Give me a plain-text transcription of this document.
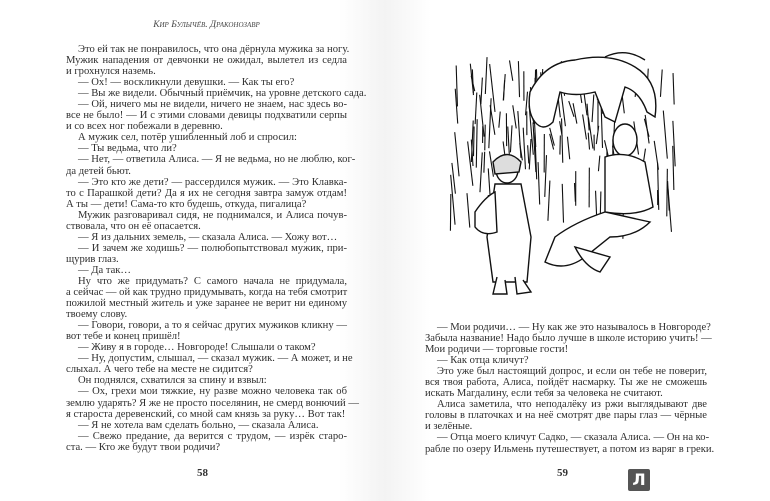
Кир Булычёв. Драконозавр
Это ей так не понравилось, что она дёрнула мужика за ногу.
Мужик нападения от девчонки не ожидал, вылетел из седла
и грохнулся наземь.
— Ох! — воскликнули девушки. — Как ты его?
— Вы же видели. Обычный приёмчик, на уровне детского сада.
— Ой, ничего мы не видели, ничего не знаем, нас здесь во-
все не было! — И с этими словами девицы подхватили серпы
и со всех ног побежали в деревню.
А мужик сел, потёр ушибленный лоб и спросил:
— Ты ведьма, что ли?
— Нет, — ответила Алиса. — Я не ведьма, но не люблю, ког-
да детей бьют.
— Это кто же дети? — рассердился мужик. — Это Клавка-
то с Парашкой дети? Да я их не сегодня завтра замуж отдам!
А ты — дети! Сама-то кто будешь, откуда, пигалица?
Мужик разговаривал сидя, не поднимался, и Алиса почув-
ствовала, что он её опасается.
— Я из дальних земель, — сказала Алиса. — Хожу вот…
— И зачем же ходишь? — полюбопытствовал мужик, при-
щурив глаз.
— Да так…
Ну что же придумать? С самого начала не придумала,
а сейчас — ой как трудно придумывать, когда на тебя смотрит
пожилой местный житель и уже заранее не верит ни единому
твоему слову.
— Говори, говори, а то я сейчас других мужиков кликну —
вот тебе и конец пришёл!
— Живу я в городе… Новгороде! Слышали о таком?
— Ну, допустим, слышал, — сказал мужик. — А может, и не
слыхал. А чего тебе на месте не сидится?
Он поднялся, схватился за спину и взвыл:
— Ох, грехи мои тяжкие, ну разве можно человека так об
землю ударять? Я же не просто поселянин, не смерд вонючий —
я староста деревенский, со мной сам князь за руку… Вот так!
— Я не хотела вам сделать больно, — сказала Алиса.
— Свежо предание, да верится с трудом, — изрёк старо-
ста. — Кто же будут твои родичи?
58
— Мои родичи… — Ну как же это называлось в Новгороде?
Забыла название! Надо было лучше в школе историю учить! —
Мои родичи — торговые гости!
— Как отца кличут?
Это уже был настоящий допрос, и если он тебе не поверит,
вся твоя работа, Алиса, пойдёт насмарку. Ты же не сможешь
искать Магдалину, если тебя за человека не считают.
Алиса заметила, что неподалёку из ржи выглядывают две
головы в платочках и на неё смотрят две пары глаз — чёрные
и зелёные.
— Отца моего кличут Садко, — сказала Алиса. — Он на ко-
рабле по озеру Ильмень путешествует, а потом из варяг в греки.
59	Л
